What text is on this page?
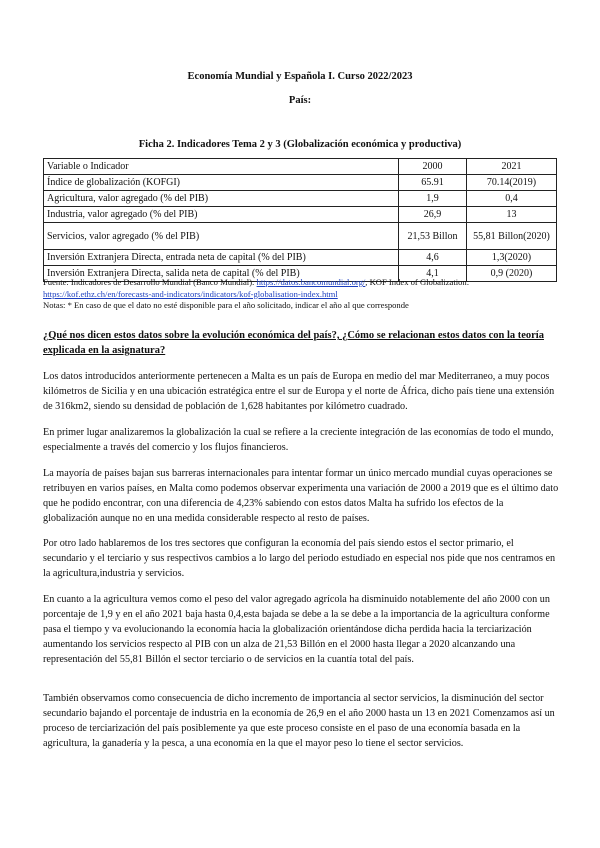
Economía Mundial y Española I. Curso 2022/2023
País:
Ficha 2. Indicadores Tema 2 y 3 (Globalización económica y productiva)
Variable o Indicador	2000	2021
Índice de globalización (KOFGI)	65.91	70.14(2019)
Agricultura, valor agregado (% del PIB)	1,9	0,4
Industria, valor agregado (% del PIB)	26,9	13
Servicios, valor agregado (% del PIB)	21,53 Billon	55,81 Billon(2020)
Inversión Extranjera Directa, entrada neta de capital (% del PIB)	4,6	1,3(2020)
Inversión Extranjera Directa, salida neta de capital (% del PIB)	4,1	0,9 (2020)
Fuente: Indicadores de Desarrollo Mundial (Banco Mundial): https://datos.bancomundial.org/, KOF Index of Globalization:
https://kof.ethz.ch/en/forecasts-and-indicators/indicators/kof-globalisation-index.html
Notas: * En caso de que el dato no esté disponible para el año solicitado, indicar el año al que corresponde
¿Qué nos dicen estos datos sobre la evolución económica del país?, ¿Cómo se relacionan estos datos con la teoría explicada en la asignatura?

Los datos introducidos anteriormente pertenecen a Malta es un país de Europa en medio del mar Mediterraneo, a muy pocos kilómetros de Sicilia y en una ubicación estratégica entre el sur de Europa y el norte de África, dicho país tiene una extensión de 316km2, siendo su densidad de población de 1,628 habitantes por kilómetro cuadrado.

En primer lugar analizaremos la globalización la cual se refiere a la creciente integración de las economías de todo el mundo, especialmente a través del comercio y los flujos financieros.

La mayoría de países bajan sus barreras internacionales para intentar formar un único mercado mundial cuyas operaciones se retribuyen en varios países, en Malta como podemos observar experimenta una variación de 2000 a 2019 que es el último dato que he podido encontrar, con una diferencia de 4,23% sabiendo con estos datos Malta ha sufrido los efectos de la globalización aunque no en una medida considerable respecto al resto de países.

Por otro lado hablaremos de los tres sectores que configuran la economía del país siendo estos el sector primario, el secundario y el terciario y sus respectivos cambios a lo largo del periodo estudiado en especial nos pide que nos centramos en la agricultura,industria y servicios.

En cuanto a la agricultura vemos como el peso del valor agregado agrícola ha disminuido notablemente del año 2000 con un porcentaje de 1,9 y en el año 2021 baja hasta 0,4,esta bajada se debe a la se debe a la importancia de la agricultura conforme pasa el tiempo y va evolucionando la economía hacia la globalización orientándose dicha perdida hacia la terciarización aumentando los servicios respecto al PIB con un alza de 21,53 Billón en el 2000 hasta llegar a 2020 alcanzando una representación del 55,81 Billón el sector terciario o de servicios en la cuantía total del país.

También observamos como consecuencia de dicho incremento de importancia al sector servicios, la disminución del sector secundario bajando el porcentaje de industria en la economía de 26,9 en el año 2000 hasta un 13 en 2021 Comenzamos así un proceso de terciarización del país posiblemente ya que este proceso consiste en el paso de una economía basada en la agricultura, la ganadería y la pesca, a una economía en la que el mayor peso lo tiene el sector servicios.
